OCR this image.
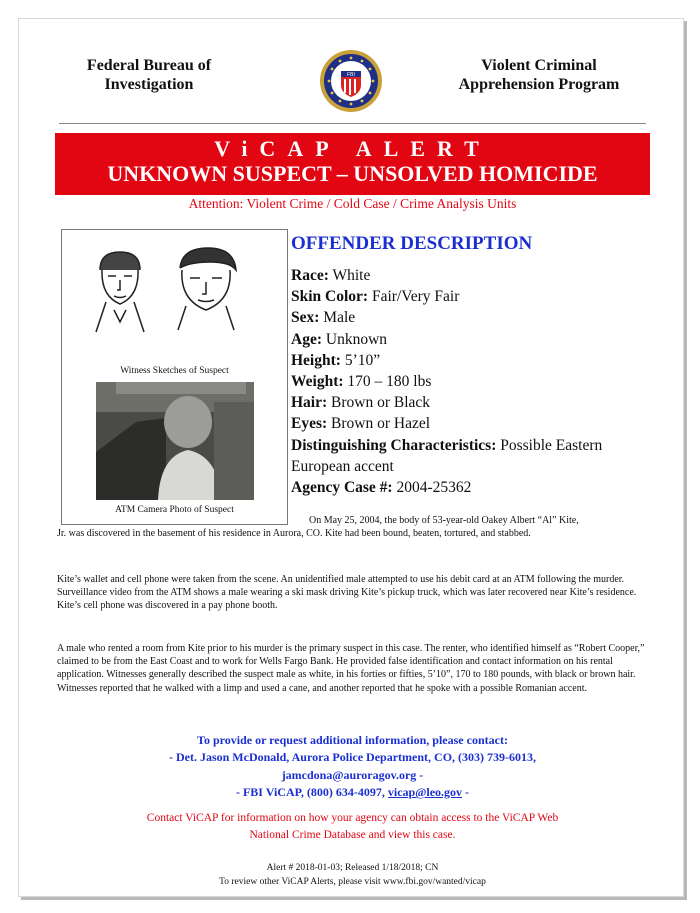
Federal Bureau of Investigation
FBI
Violent Criminal Apprehension Program
ViCAP ALERT
UNKNOWN SUSPECT – UNSOLVED HOMICIDE
Attention: Violent Crime / Cold Case / Crime Analysis Units
Witness Sketches of Suspect
ATM Camera Photo of Suspect
OFFENDER DESCRIPTION
Race: White
Skin Color: Fair/Very Fair
Sex: Male
Age: Unknown
Height: 5’10”
Weight: 170 – 180 lbs
Hair: Brown or Black
Eyes: Brown or Hazel
Distinguishing Characteristics: Possible Eastern European accent
Agency Case #: 2004-25362
On May 25, 2004, the body of 53-year-old Oakey Albert “Al” Kite,
Jr. was discovered in the basement of his residence in Aurora, CO. Kite had been bound, beaten, tortured, and stabbed.
Kite’s wallet and cell phone were taken from the scene. An unidentified male attempted to use his debit card at an ATM following the murder. Surveillance video from the ATM shows a male wearing a ski mask driving Kite’s pickup truck, which was later recovered near Kite’s residence. Kite’s cell phone was discovered in a pay phone booth.
A male who rented a room from Kite prior to his murder is the primary suspect in this case. The renter, who identified himself as “Robert Cooper,” claimed to be from the East Coast and to work for Wells Fargo Bank. He provided false identification and contact information on his rental application. Witnesses generally described the suspect male as white, in his forties or fifties, 5’10”, 170 to 180 pounds, with black or brown hair. Witnesses reported that he walked with a limp and used a cane, and another reported that he spoke with a possible Romanian accent.
To provide or request additional information, please contact:
- Det. Jason McDonald, Aurora Police Department, CO, (303) 739-6013,
jamcdona@auroragov.org -
- FBI ViCAP, (800) 634-4097, vicap@leo.gov -
Contact ViCAP for information on how your agency can obtain access to the ViCAP Web
National Crime Database and view this case.
Alert # 2018-01-03; Released 1/18/2018; CN
To review other ViCAP Alerts, please visit www.fbi.gov/wanted/vicap
